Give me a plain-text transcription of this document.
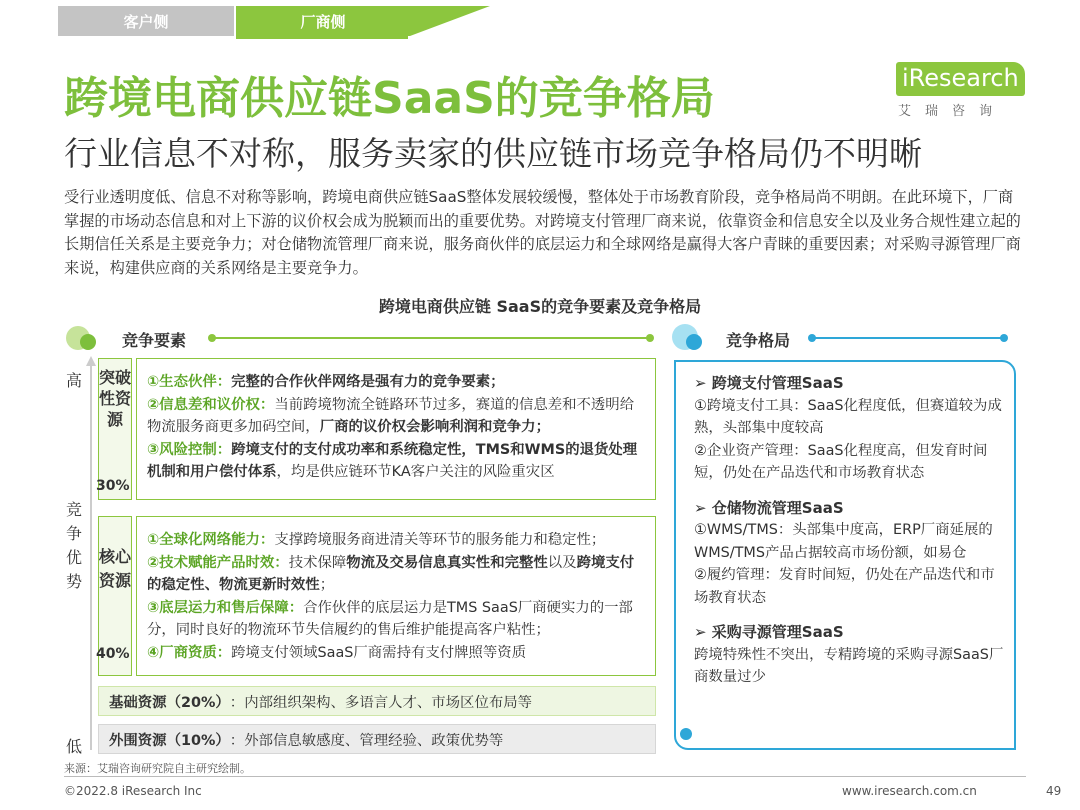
客户侧	厂商侧
跨境电商供应链SaaS的竞争格局
行业信息不对称，服务卖家的供应链市场竞争格局仍不明晰
iResearch
艾瑞咨询
受行业透明度低、信息不对称等影响，跨境电商供应链SaaS整体发展较缓慢，整体处于市场教育阶段，竞争格局尚不明朗。在此环境下，厂商掌握的市场动态信息和对上下游的议价权会成为脱颖而出的重要优势。对跨境支付管理厂商来说，依靠资金和信息安全以及业务合规性建立起的长期信任关系是主要竞争力；对仓储物流管理厂商来说，服务商伙伴的底层运力和全球网络是赢得大客户青睐的重要因素；对采购寻源管理厂商来说，构建供应商的关系网络是主要竞争力。
跨境电商供应链 SaaS的竞争要素及竞争格局
竞争要素	竞争格局
高
低
竞争优势
突破性资源
30%
①生态伙伴：完整的合作伙伴网络是强有力的竞争要素；
②信息差和议价权：当前跨境物流全链路环节过多，赛道的信息差和不透明给物流服务商更多加码空间，厂商的议价权会影响利润和竞争力；
③风险控制：跨境支付的支付成功率和系统稳定性，TMS和WMS的退货处理机制和用户偿付体系，均是供应链环节KA客户关注的风险重灾区
核心资源
40%
①全球化网络能力：支撑跨境服务商进清关等环节的服务能力和稳定性；
②技术赋能产品时效：技术保障物流及交易信息真实性和完整性以及跨境支付的稳定性、物流更新时效性；
③底层运力和售后保障：合作伙伴的底层运力是TMS SaaS厂商硬实力的一部分，同时良好的物流环节失信履约的售后维护能提高客户粘性；
④厂商资质：跨境支付领域SaaS厂商需持有支付牌照等资质
基础资源（20%） ：内部组织架构、多语言人才、市场区位布局等
外围资源（10%） ：外部信息敏感度、管理经验、政策优势等
➢ 跨境支付管理SaaS
①跨境支付工具：SaaS化程度低，但赛道较为成熟，头部集中度较高
②企业资产管理：SaaS化程度高，但发育时间短，仍处在产品迭代和市场教育状态
➢ 仓储物流管理SaaS
①WMS/TMS：头部集中度高，ERP厂商延展的WMS/TMS产品占据较高市场份额，如易仓
②履约管理：发育时间短，仍处在产品迭代和市场教育状态
➢ 采购寻源管理SaaS
跨境特殊性不突出，专精跨境的采购寻源SaaS厂商数量过少
来源：艾瑞咨询研究院自主研究绘制。
©2022.8 iResearch Inc	www.iresearch.com.cn	49
